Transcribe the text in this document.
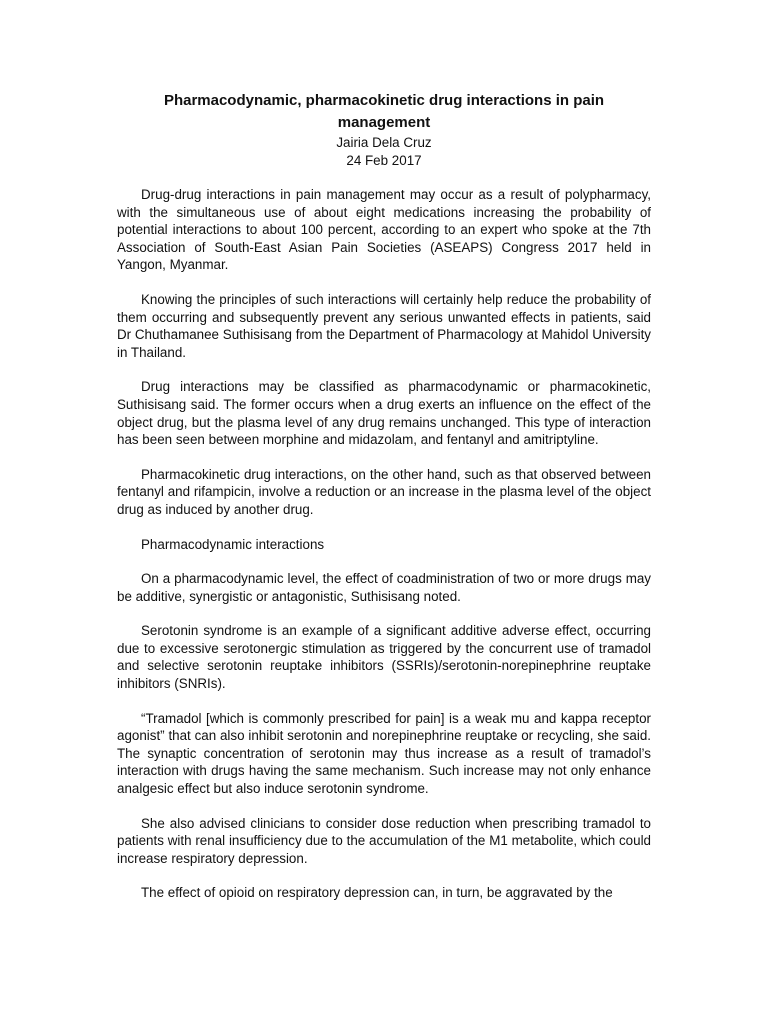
Pharmacodynamic, pharmacokinetic drug interactions in pain management

Jairia Dela Cruz

24 Feb 2017

Drug-drug interactions in pain management may occur as a result of polypharmacy, with the simultaneous use of about eight medications increasing the probability of potential interactions to about 100 percent, according to an expert who spoke at the 7th Association of South-East Asian Pain Societies (ASEAPS) Congress 2017 held in Yangon, Myanmar.

Knowing the principles of such interactions will certainly help reduce the probability of them occurring and subsequently prevent any serious unwanted effects in patients, said Dr Chuthamanee Suthisisang from the Department of Pharmacology at Mahidol University in Thailand.

Drug interactions may be classified as pharmacodynamic or pharmacokinetic, Suthisisang said. The former occurs when a drug exerts an influence on the effect of the object drug, but the plasma level of any drug remains unchanged. This type of interaction has been seen between morphine and midazolam, and fentanyl and amitriptyline.

Pharmacokinetic drug interactions, on the other hand, such as that observed between fentanyl and rifampicin, involve a reduction or an increase in the plasma level of the object drug as induced by another drug.

Pharmacodynamic interactions

On a pharmacodynamic level, the effect of coadministration of two or more drugs may be additive, synergistic or antagonistic, Suthisisang noted.

Serotonin syndrome is an example of a significant additive adverse effect, occurring due to excessive serotonergic stimulation as triggered by the concurrent use of tramadol and selective serotonin reuptake inhibitors (SSRIs)/serotonin-norepinephrine reuptake inhibitors (SNRIs).

“Tramadol [which is commonly prescribed for pain] is a weak mu and kappa receptor agonist” that can also inhibit serotonin and norepinephrine reuptake or recycling, she said. The synaptic concentration of serotonin may thus increase as a result of tramadol’s interaction with drugs having the same mechanism. Such increase may not only enhance analgesic effect but also induce serotonin syndrome.

She also advised clinicians to consider dose reduction when prescribing tramadol to patients with renal insufficiency due to the accumulation of the M1 metabolite, which could increase respiratory depression.

The effect of opioid on respiratory depression can, in turn, be aggravated by the
